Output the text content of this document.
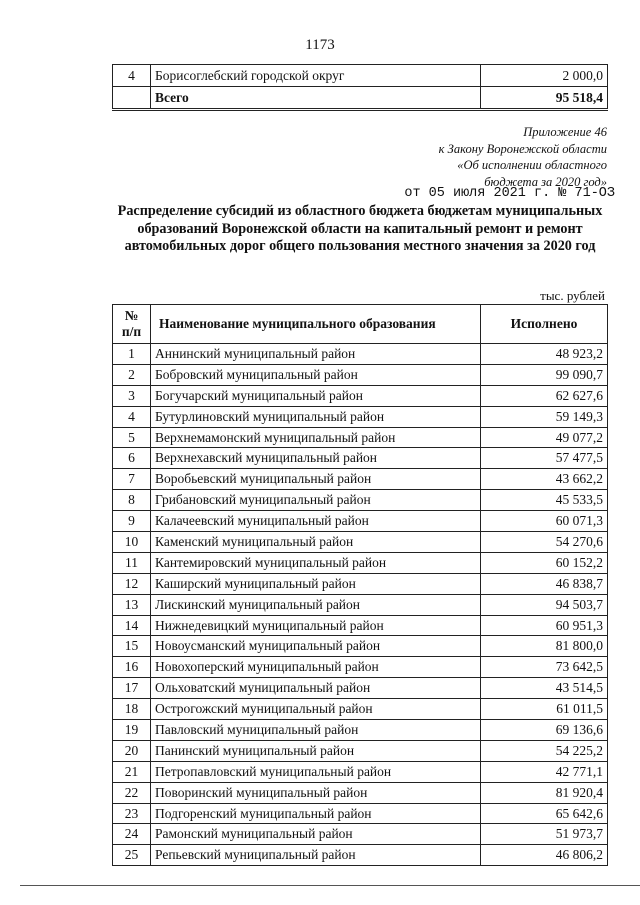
1173
4	Борисоглебский городской округ	2 000,0
	Всего	95 518,4
Приложение 46
к Закону Воронежской области
«Об исполнении областного
бюджета за 2020 год»
от 05 июля 2021 г. № 71-ОЗ
Распределение субсидий из областного бюджета бюджетам муниципальных образований Воронежской области на капитальный ремонт и ремонт автомобильных дорог общего пользования местного значения за 2020 год
тыс. рублей
№
п/п	Наименование муниципального образования	Исполнено
1	Аннинский муниципальный район	48 923,2
2	Бобровский муниципальный район	99 090,7
3	Богучарский муниципальный район	62 627,6
4	Бутурлиновский муниципальный район	59 149,3
5	Верхнемамонский муниципальный район	49 077,2
6	Верхнехавский муниципальный район	57 477,5
7	Воробьевский муниципальный район	43 662,2
8	Грибановский муниципальный район	45 533,5
9	Калачеевский муниципальный район	60 071,3
10	Каменский муниципальный район	54 270,6
11	Кантемировский муниципальный район	60 152,2
12	Каширский муниципальный район	46 838,7
13	Лискинский муниципальный район	94 503,7
14	Нижнедевицкий муниципальный район	60 951,3
15	Новоусманский муниципальный район	81 800,0
16	Новохоперский муниципальный район	73 642,5
17	Ольховатский муниципальный район	43 514,5
18	Острогожский муниципальный район	61 011,5
19	Павловский муниципальный район	69 136,6
20	Панинский муниципальный район	54 225,2
21	Петропавловский муниципальный район	42 771,1
22	Поворинский муниципальный район	81 920,4
23	Подгоренский муниципальный район	65 642,6
24	Рамонский муниципальный район	51 973,7
25	Репьевский муниципальный район	46 806,2
